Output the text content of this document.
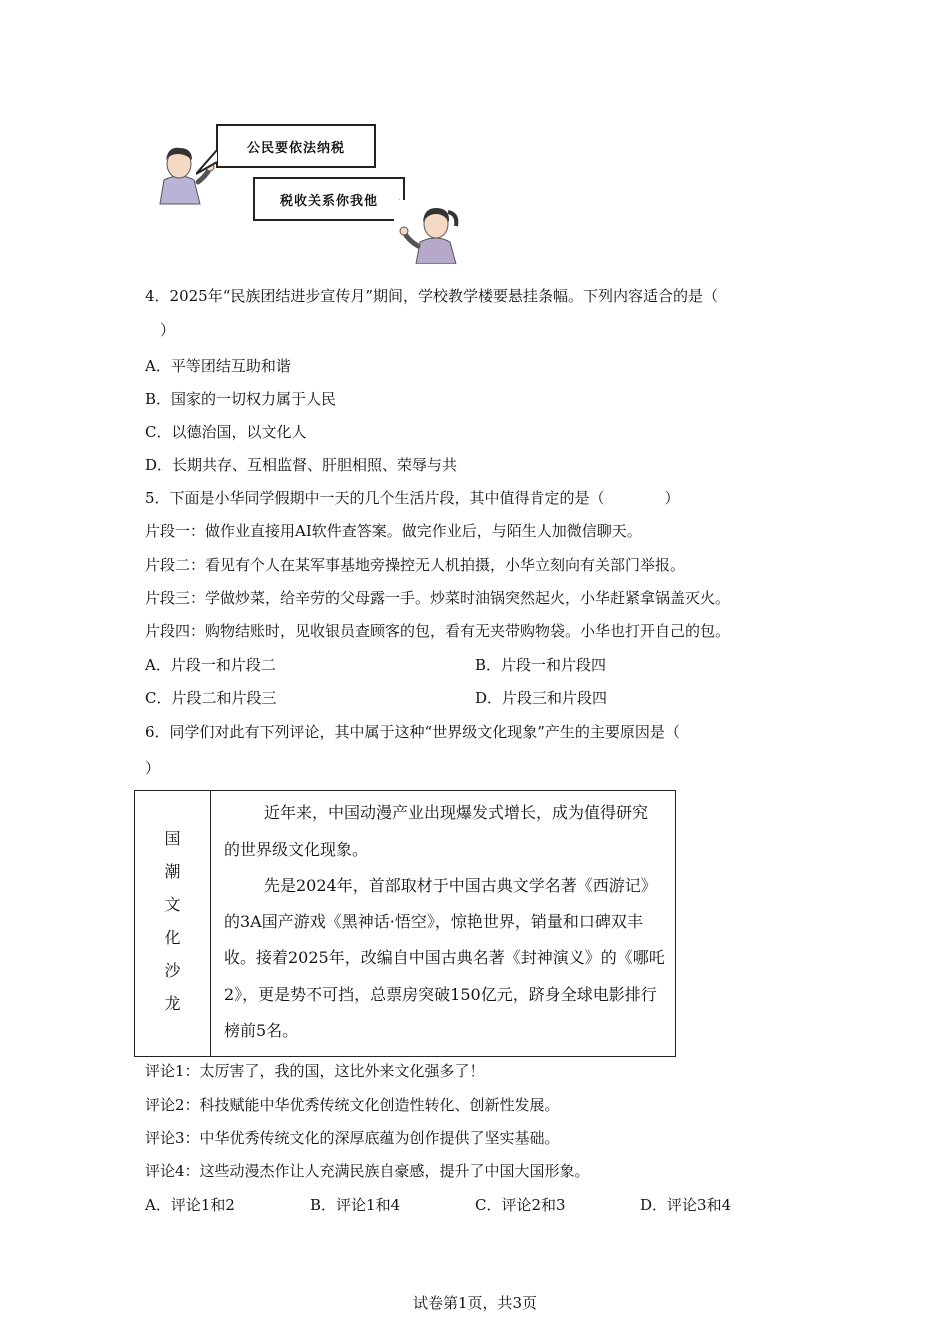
公民要依法纳税
税收关系你我他
4．2025年“民族团结进步宣传月”期间，学校教学楼要悬挂条幅。下列内容适合的是（
）
A．平等团结互助和谐
B．国家的一切权力属于人民
C．以德治国，以文化人
D．长期共存、互相监督、肝胆相照、荣辱与共
5．下面是小华同学假期中一天的几个生活片段，其中值得肯定的是（　　　　）
片段一：做作业直接用AI软件查答案。做完作业后，与陌生人加微信聊天。
片段二：看见有个人在某军事基地旁操控无人机拍摄，小华立刻向有关部门举报。
片段三：学做炒菜，给辛劳的父母露一手。炒菜时油锅突然起火，小华赶紧拿锅盖灭火。
片段四：购物结账时，见收银员查顾客的包，看有无夹带购物袋。小华也打开自己的包。
A．片段一和片段二	B．片段一和片段四
C．片段二和片段三	D．片段三和片段四
6．同学们对此有下列评论，其中属于这种“世界级文化现象”产生的主要原因是（
）
国
潮
文
化
沙
龙
近年来，中国动漫产业出现爆发式增长，成为值得研究
的世界级文化现象。
先是2024年，首部取材于中国古典文学名著《西游记》
的3A国产游戏《黑神话·悟空》，惊艳世界，销量和口碑双丰
收。接着2025年，改编自中国古典名著《封神演义》的《哪吒
2》，更是势不可挡，总票房突破150亿元，跻身全球电影排行
榜前5名。
评论1：太厉害了，我的国，这比外来文化强多了！
评论2：科技赋能中华优秀传统文化创造性转化、创新性发展。
评论3：中华优秀传统文化的深厚底蕴为创作提供了坚实基础。
评论4：这些动漫杰作让人充满民族自豪感，提升了中国大国形象。
A．评论1和2	B．评论1和4	C．评论2和3	D．评论3和4
试卷第1页，共3页
